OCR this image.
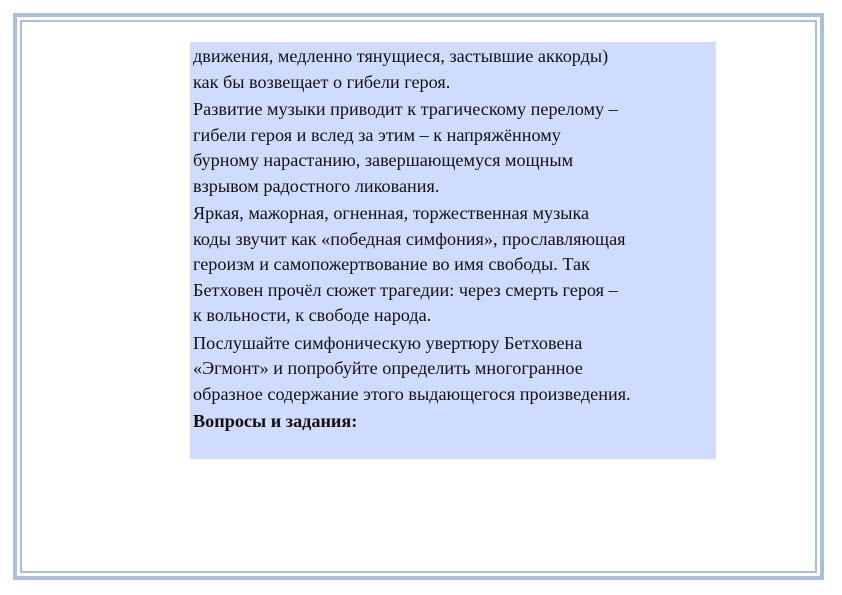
движения, медленно тянущиеся, застывшие аккорды)
как бы возвещает о гибели героя.

Развитие музыки приводит к трагическому перелому –
гибели героя и вслед за этим – к напряжённому
бурному нарастанию, завершающемуся мощным
взрывом радостного ликования.

Яркая, мажорная, огненная, торжественная музыка
коды звучит как «победная симфония», прославляющая
героизм и самопожертвование во имя свободы. Так
Бетховен прочёл сюжет трагедии: через смерть героя –
к вольности, к свободе народа.

Послушайте симфоническую увертюру Бетховена
«Эгмонт» и попробуйте определить многогранное
образное содержание этого выдающегося произведения.

Вопросы и задания:
